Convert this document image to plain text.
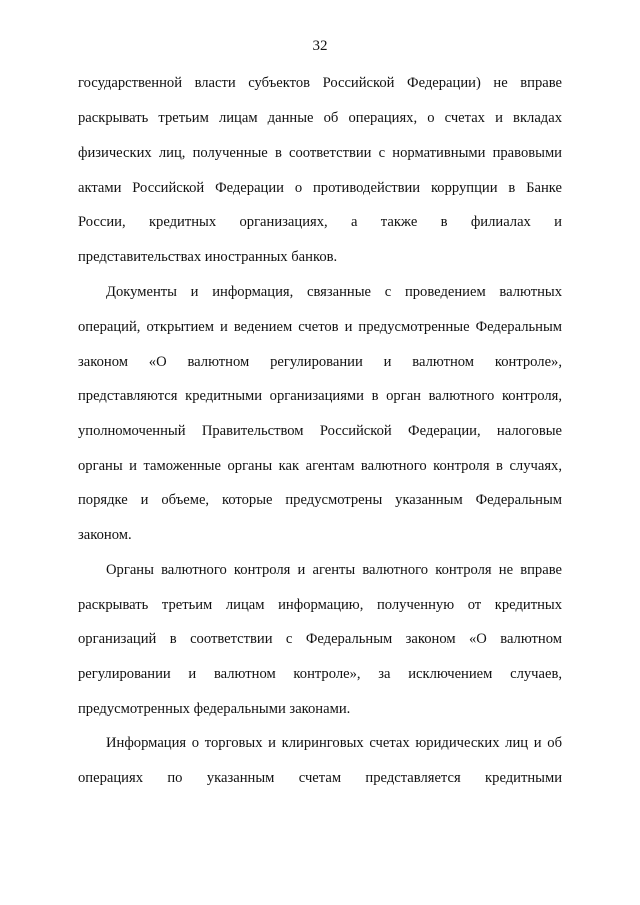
32
государственной власти субъектов Российской Федерации) не вправе
раскрывать третьим лицам данные об операциях, о счетах и вкладах
физических лиц, полученные в соответствии с нормативными правовыми
актами Российской Федерации о противодействии коррупции в Банке
России, кредитных организациях, а также в филиалах и
представительствах иностранных банков.
Документы и информация, связанные с проведением валютных
операций, открытием и ведением счетов и предусмотренные Федеральным
законом «О валютном регулировании и валютном контроле»,
представляются кредитными организациями в орган валютного контроля,
уполномоченный Правительством Российской Федерации, налоговые
органы и таможенные органы как агентам валютного контроля в случаях,
порядке и объеме, которые предусмотрены указанным Федеральным
законом.
Органы валютного контроля и агенты валютного контроля не вправе
раскрывать третьим лицам информацию, полученную от кредитных
организаций в соответствии с Федеральным законом «О валютном
регулировании и валютном контроле», за исключением случаев,
предусмотренных федеральными законами.
Информация о торговых и клиринговых счетах юридических лиц и об
операциях по указанным счетам представляется кредитными
